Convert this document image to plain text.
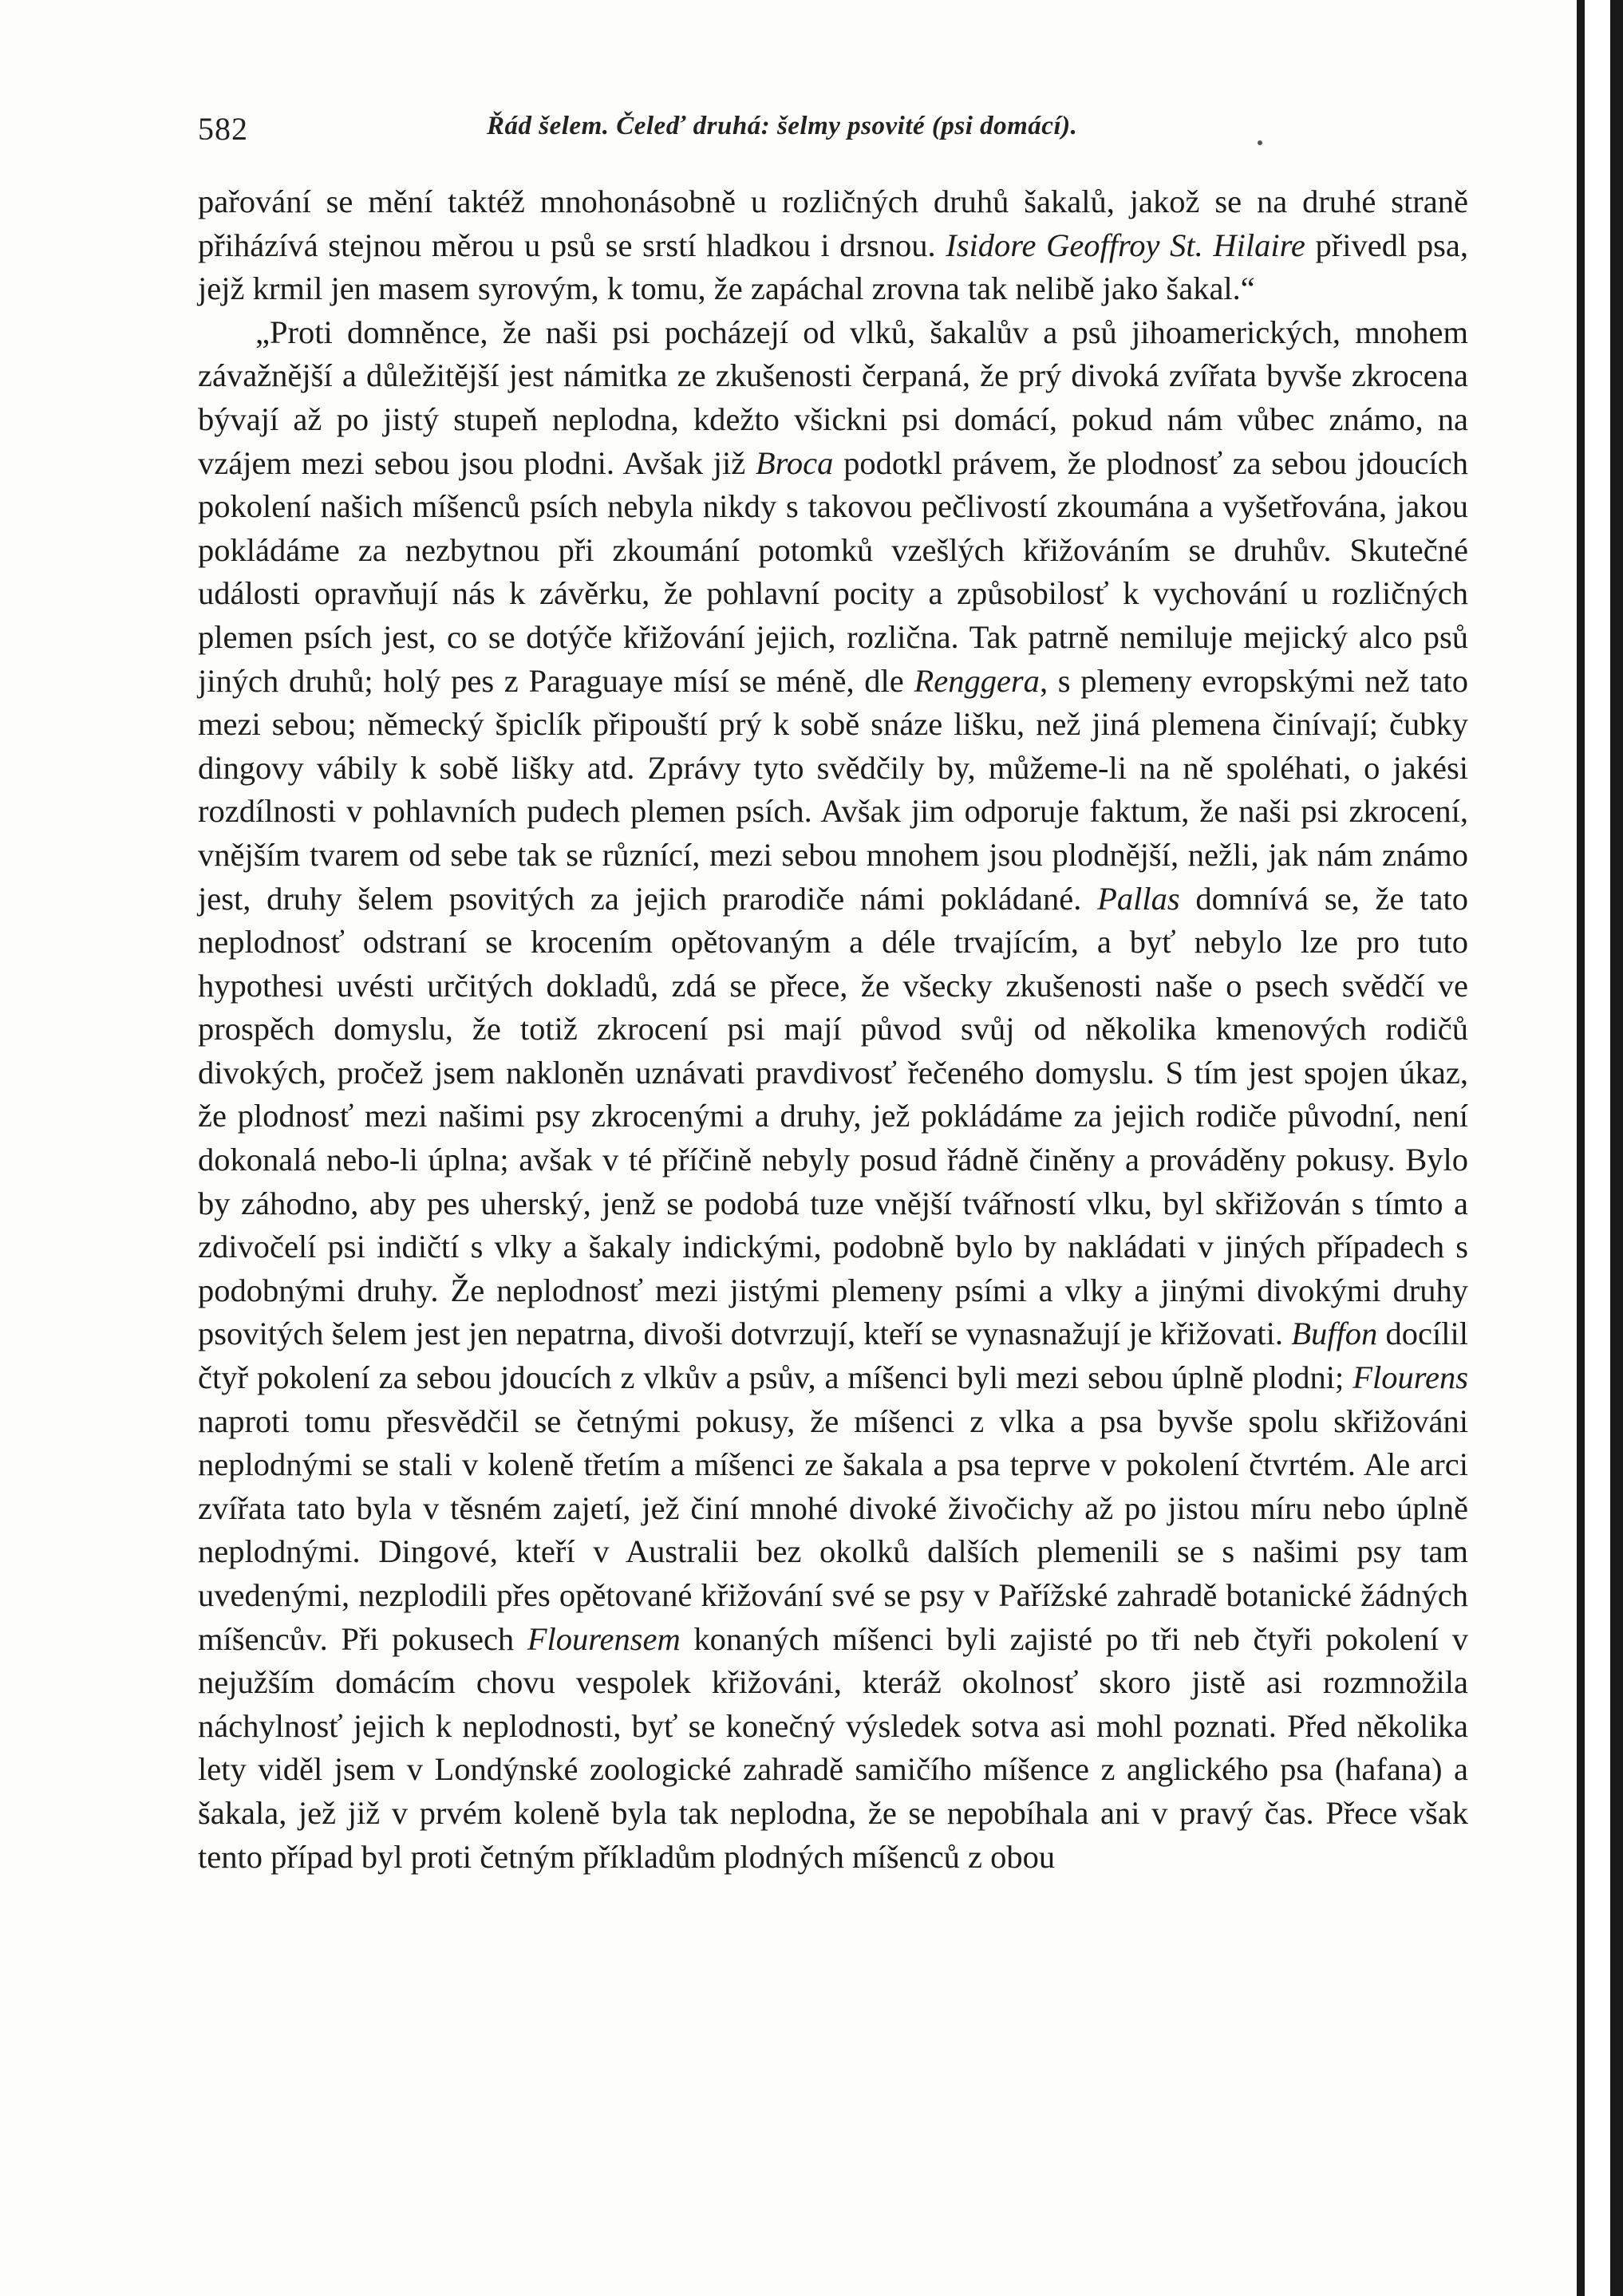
582	Řád šelem. Čeleď druhá: šelmy psovité (psi domácí).

pařování se mění taktéž mnohonásobně u rozličných druhů šakalů, jakož se na druhé straně přiházívá stejnou měrou u psů se srstí hladkou i drsnou. Isidore Geoffroy St. Hilaire přivedl psa, jejž krmil jen masem syrovým, k tomu, že zapáchal zrovna tak nelibě jako šakal.“

„Proti domněnce, že naši psi pocházejí od vlků, šakalův a psů jihoamerických, mnohem závažnější a důležitější jest námitka ze zkušenosti čerpaná, že prý divoká zvířata byvše zkrocena bývají až po jistý stupeň neplodna, kdežto všickni psi domácí, pokud nám vůbec známo, na vzájem mezi sebou jsou plodni. Avšak již Broca podotkl právem, že plodnosť za sebou jdoucích pokolení našich míšenců psích nebyla nikdy s takovou pečlivostí zkoumána a vyšetřována, jakou pokládáme za nezbytnou při zkoumání potomků vzešlých křižováním se druhův. Skutečné události opravňují nás k závěrku, že pohlavní pocity a způsobilosť k vychování u rozličných plemen psích jest, co se dotýče křižování jejich, rozlična. Tak patrně nemiluje mejický alco psů jiných druhů; holý pes z Paraguaye mísí se méně, dle Renggera, s plemeny evropskými než tato mezi sebou; německý špiclík připouští prý k sobě snáze lišku, než jiná plemena činívají; čubky dingovy vábily k sobě lišky atd. Zprávy tyto svědčily by, můžeme-li na ně spoléhati, o jakési rozdílnosti v pohlavních pudech plemen psích. Avšak jim odporuje faktum, že naši psi zkrocení, vnějším tvarem od sebe tak se různící, mezi sebou mnohem jsou plodnější, nežli, jak nám známo jest, druhy šelem psovitých za jejich prarodiče námi pokládané. Pallas domnívá se, že tato neplodnosť odstraní se krocením opětovaným a déle trvajícím, a byť nebylo lze pro tuto hypothesi uvésti určitých dokladů, zdá se přece, že všecky zkušenosti naše o psech svědčí ve prospěch domyslu, že totiž zkrocení psi mají původ svůj od několika kmenových rodičů divokých, pročež jsem nakloněn uznávati pravdivosť řečeného domyslu. S tím jest spojen úkaz, že plodnosť mezi našimi psy zkrocenými a druhy, jež pokládáme za jejich rodiče původní, není dokonalá nebo-li úplna; avšak v té příčině nebyly posud řádně činěny a prováděny pokusy. Bylo by záhodno, aby pes uherský, jenž se podobá tuze vnější tvářností vlku, byl skřižován s tímto a zdivočelí psi indičtí s vlky a šakaly indickými, podobně bylo by nakládati v jiných případech s podobnými druhy. Že neplodnosť mezi jistými plemeny psími a vlky a jinými divokými druhy psovitých šelem jest jen nepatrna, divoši dotvrzují, kteří se vynasnažují je křižovati. Buffon docílil čtyř pokolení za sebou jdoucích z vlkův a psův, a míšenci byli mezi sebou úplně plodni; Flourens naproti tomu přesvědčil se četnými pokusy, že míšenci z vlka a psa byvše spolu skřižováni neplodnými se stali v koleně třetím a míšenci ze šakala a psa teprve v pokolení čtvrtém. Ale arci zvířata tato byla v těsném zajetí, jež činí mnohé divoké živočichy až po jistou míru nebo úplně neplodnými. Dingové, kteří v Australii bez okolků dalších plemenili se s našimi psy tam uvedenými, nezplodili přes opětované křižování své se psy v Pařížské zahradě botanické žádných míšencův. Při pokusech Flourensem konaných míšenci byli zajisté po tři neb čtyři pokolení v nejužším domácím chovu vespolek křižováni, kteráž okolnosť skoro jistě asi rozmnožila náchylnosť jejich k neplodnosti, byť se konečný výsledek sotva asi mohl poznati. Před několika lety viděl jsem v Londýnské zoologické zahradě samičího míšence z anglického psa (hafana) a šakala, jež již v prvém koleně byla tak neplodna, že se nepobíhala ani v pravý čas. Přece však tento případ byl proti četným příkladům plodných míšenců z obou
